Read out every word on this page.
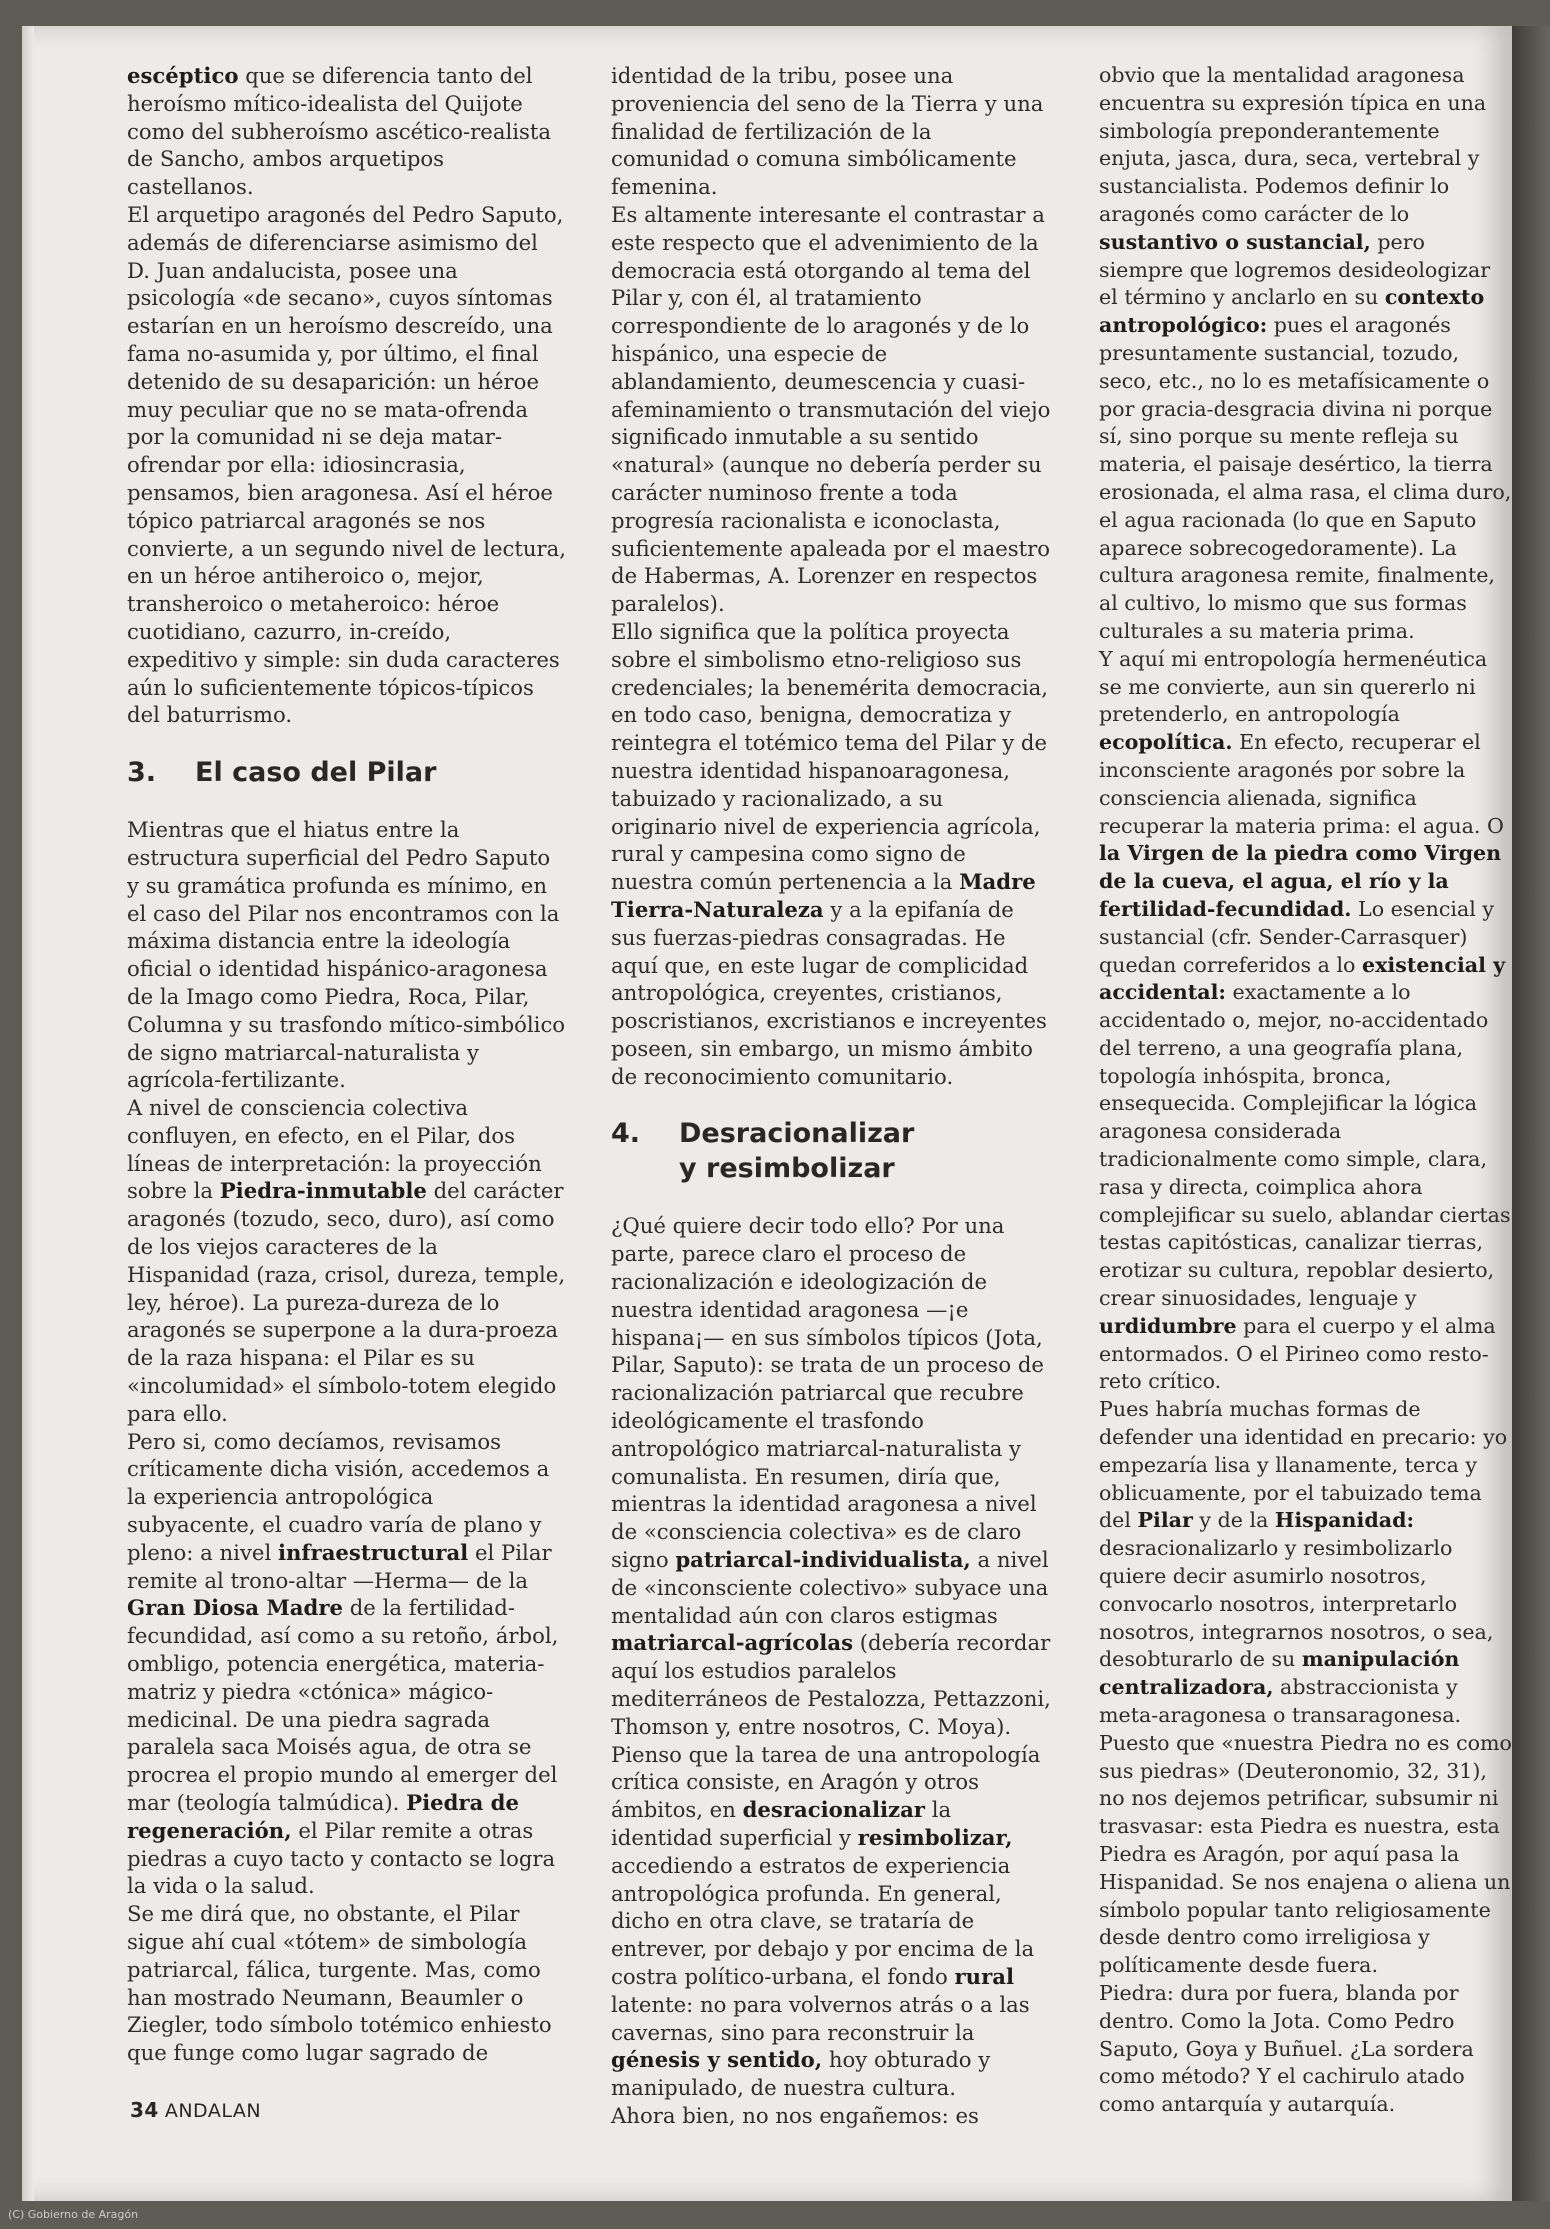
escéptico que se diferencia tanto del heroísmo mítico-idealista del Quijote como del subheroísmo ascético-realista de Sancho, ambos arquetipos castellanos.

El arquetipo aragonés del Pedro Saputo, además de diferenciarse asimismo del D. Juan andalucista, posee una psicología «de secano», cuyos síntomas estarían en un heroísmo descreído, una fama no-asumida y, por último, el final detenido de su desaparición: un héroe muy peculiar que no se mata-ofrenda por la comunidad ni se deja matar-ofrendar por ella: idiosincrasia, pensamos, bien aragonesa. Así el héroe tópico patriarcal aragonés se nos convierte, a un segundo nivel de lectura, en un héroe antiheroico o, mejor, transheroico o metaheroico: héroe cuotidiano, cazurro, in-creído, expeditivo y simple: sin duda caracteres aún lo suficientemente tópicos-típicos del baturrismo.

3. El caso del Pilar

Mientras que el hiatus entre la estructura superficial del Pedro Saputo y su gramática profunda es mínimo, en el caso del Pilar nos encontramos con la máxima distancia entre la ideología oficial o identidad hispánico-aragonesa de la Imago como Piedra, Roca, Pilar, Columna y su trasfondo mítico-simbólico de signo matriarcal-naturalista y agrícola-fertilizante.

A nivel de consciencia colectiva confluyen, en efecto, en el Pilar, dos líneas de interpretación: la proyección sobre la Piedra-inmutable del carácter aragonés (tozudo, seco, duro), así como de los viejos caracteres de la Hispanidad (raza, crisol, dureza, temple, ley, héroe). La pureza-dureza de lo aragonés se superpone a la dura-proeza de la raza hispana: el Pilar es su «incolumidad» el símbolo-totem elegido para ello.

Pero si, como decíamos, revisamos críticamente dicha visión, accedemos a la experiencia antropológica subyacente, el cuadro varía de plano y pleno: a nivel infraestructural el Pilar remite al trono-altar —Herma— de la Gran Diosa Madre de la fertilidad-fecundidad, así como a su retoño, árbol, ombligo, potencia energética, materia-matriz y piedra «ctónica» mágico-medicinal. De una piedra sagrada paralela saca Moisés agua, de otra se procrea el propio mundo al emerger del mar (teología talmúdica). Piedra de regeneración, el Pilar remite a otras piedras a cuyo tacto y contacto se logra la vida o la salud.

Se me dirá que, no obstante, el Pilar sigue ahí cual «tótem» de simbología patriarcal, fálica, turgente. Mas, como han mostrado Neumann, Beaumler o Ziegler, todo símbolo totémico enhiesto que funge como lugar sagrado de

identidad de la tribu, posee una proveniencia del seno de la Tierra y una finalidad de fertilización de la comunidad o comuna simbólicamente femenina.

Es altamente interesante el contrastar a este respecto que el advenimiento de la democracia está otorgando al tema del Pilar y, con él, al tratamiento correspondiente de lo aragonés y de lo hispánico, una especie de ablandamiento, deumescencia y cuasi-afeminamiento o transmutación del viejo significado inmutable a su sentido «natural» (aunque no debería perder su carácter numinoso frente a toda progresía racionalista e iconoclasta, suficientemente apaleada por el maestro de Habermas, A. Lorenzer en respectos paralelos).

Ello significa que la política proyecta sobre el simbolismo etno-religioso sus credenciales; la benemérita democracia, en todo caso, benigna, democratiza y reintegra el totémico tema del Pilar y de nuestra identidad hispanoaragonesa, tabuizado y racionalizado, a su originario nivel de experiencia agrícola, rural y campesina como signo de nuestra común pertenencia a la Madre Tierra-Naturaleza y a la epifanía de sus fuerzas-piedras consagradas. He aquí que, en este lugar de complicidad antropológica, creyentes, cristianos, poscristianos, excristianos e increyentes poseen, sin embargo, un mismo ámbito de reconocimiento comunitario.

4. Desracionalizar
y resimbolizar

¿Qué quiere decir todo ello? Por una parte, parece claro el proceso de racionalización e ideologización de nuestra identidad aragonesa —¡e hispana¡— en sus símbolos típicos (Jota, Pilar, Saputo): se trata de un proceso de racionalización patriarcal que recubre ideológicamente el trasfondo antropológico matriarcal-naturalista y comunalista. En resumen, diría que, mientras la identidad aragonesa a nivel de «consciencia colectiva» es de claro signo patriarcal-individualista, a nivel de «inconsciente colectivo» subyace una mentalidad aún con claros estigmas matriarcal-agrícolas (debería recordar aquí los estudios paralelos mediterráneos de Pestalozza, Pettazzoni, Thomson y, entre nosotros, C. Moya). Pienso que la tarea de una antropología crítica consiste, en Aragón y otros ámbitos, en desracionalizar la identidad superficial y resimbolizar, accediendo a estratos de experiencia antropológica profunda. En general, dicho en otra clave, se trataría de entrever, por debajo y por encima de la costra político-urbana, el fondo rural latente: no para volvernos atrás o a las cavernas, sino para reconstruir la génesis y sentido, hoy obturado y manipulado, de nuestra cultura.

Ahora bien, no nos engañemos: es

obvio que la mentalidad aragonesa encuentra su expresión típica en una simbología preponderantemente enjuta, jasca, dura, seca, vertebral y sustancialista. Podemos definir lo aragonés como carácter de lo sustantivo o sustancial, pero siempre que logremos desideologizar el término y anclarlo en su contexto antropológico: pues el aragonés presuntamente sustancial, tozudo, seco, etc., no lo es metafísicamente o por gracia-desgracia divina ni porque sí, sino porque su mente refleja su materia, el paisaje desértico, la tierra erosionada, el alma rasa, el clima duro, el agua racionada (lo que en Saputo aparece sobrecogedoramente). La cultura aragonesa remite, finalmente, al cultivo, lo mismo que sus formas culturales a su materia prima.

Y aquí mi entropología hermenéutica se me convierte, aun sin quererlo ni pretenderlo, en antropología ecopolítica. En efecto, recuperar el inconsciente aragonés por sobre la consciencia alienada, significa recuperar la materia prima: el agua. O la Virgen de la piedra como Virgen de la cueva, el agua, el río y la fertilidad-fecundidad. Lo esencial y sustancial (cfr. Sender-Carrasquer) quedan correferidos a lo existencial y accidental: exactamente a lo accidentado o, mejor, no-accidentado del terreno, a una geografía plana, topología inhóspita, bronca, ensequecida. Complejificar la lógica aragonesa considerada tradicionalmente como simple, clara, rasa y directa, coimplica ahora complejificar su suelo, ablandar ciertas testas capitósticas, canalizar tierras, erotizar su cultura, repoblar desierto, crear sinuosidades, lenguaje y urdidumbre para el cuerpo y el alma entormados. O el Pirineo como resto-reto crítico.

Pues habría muchas formas de defender una identidad en precario: yo empezaría lisa y llanamente, terca y oblicuamente, por el tabuizado tema del Pilar y de la Hispanidad: desracionalizarlo y resimbolizarlo quiere decir asumirlo nosotros, convocarlo nosotros, interpretarlo nosotros, integrarnos nosotros, o sea, desobturarlo de su manipulación centralizadora, abstraccionista y meta-aragonesa o transaragonesa.

Puesto que «nuestra Piedra no es como sus piedras» (Deuteronomio, 32, 31), no nos dejemos petrificar, subsumir ni trasvasar: esta Piedra es nuestra, esta Piedra es Aragón, por aquí pasa la Hispanidad. Se nos enajena o aliena un símbolo popular tanto religiosamente desde dentro como irreligiosa y políticamente desde fuera.

Piedra: dura por fuera, blanda por dentro. Como la Jota. Como Pedro Saputo, Goya y Buñuel. ¿La sordera como método? Y el cachirulo atado como antarquía y autarquía.

34 ANDALAN
(C) Gobierno de Aragón
